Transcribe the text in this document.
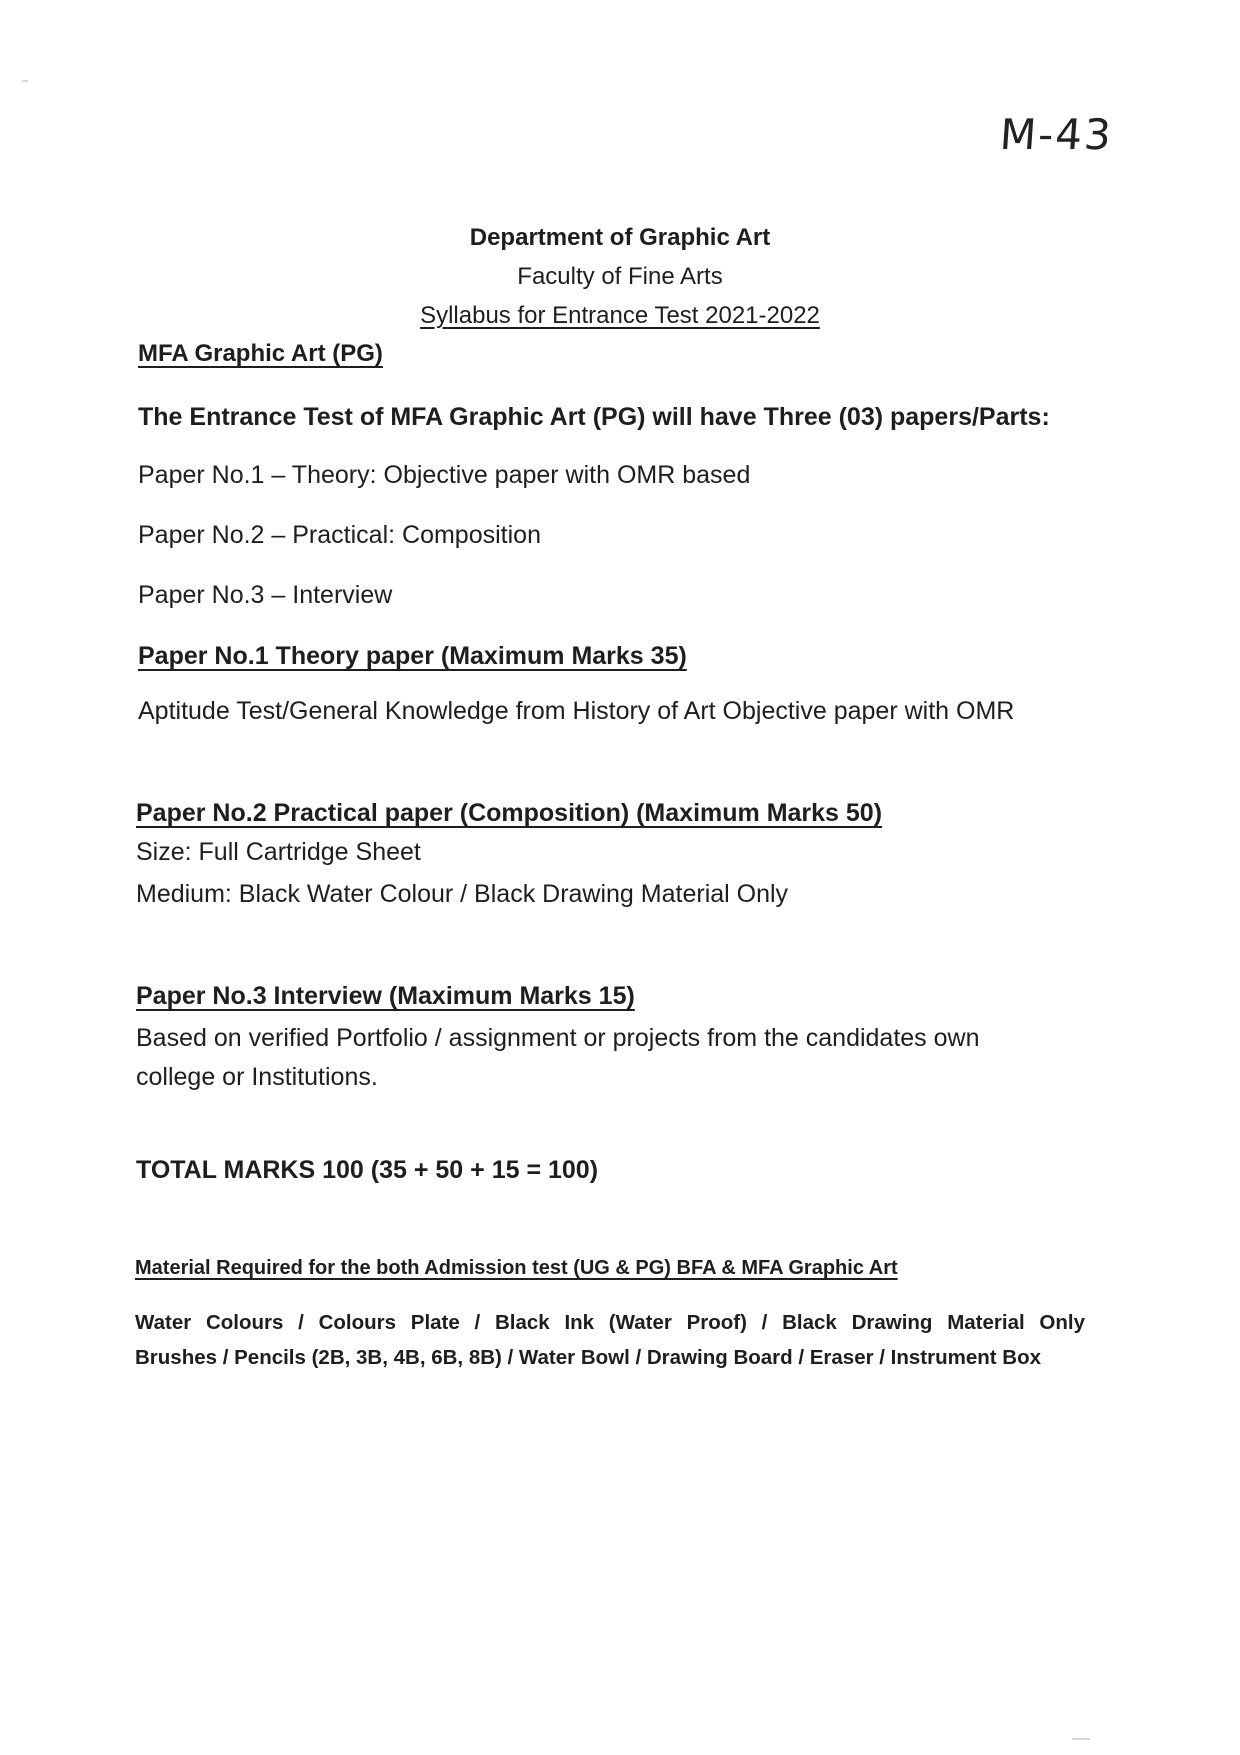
M-43
Department of Graphic Art
Faculty of Fine Arts
Syllabus for Entrance Test 2021-2022
MFA Graphic Art (PG)
The Entrance Test of MFA Graphic Art (PG) will have Three (03) papers/Parts:
Paper No.1 – Theory: Objective paper with OMR based
Paper No.2 – Practical: Composition
Paper No.3 – Interview
Paper No.1 Theory paper (Maximum Marks 35)
Aptitude Test/General Knowledge from History of Art Objective paper with OMR
Paper No.2 Practical paper (Composition) (Maximum Marks 50)
Size: Full Cartridge Sheet
Medium: Black Water Colour / Black Drawing Material Only
Paper No.3 Interview (Maximum Marks 15)
Based on verified Portfolio / assignment or projects from the candidates own
college or Institutions.
TOTAL MARKS 100 (35 + 50 + 15 = 100)
Material Required for the both Admission test (UG & PG) BFA & MFA Graphic Art
Water Colours / Colours Plate / Black Ink (Water Proof) / Black Drawing Material Only
Brushes / Pencils (2B, 3B, 4B, 6B, 8B) / Water Bowl / Drawing Board / Eraser / Instrument Box
